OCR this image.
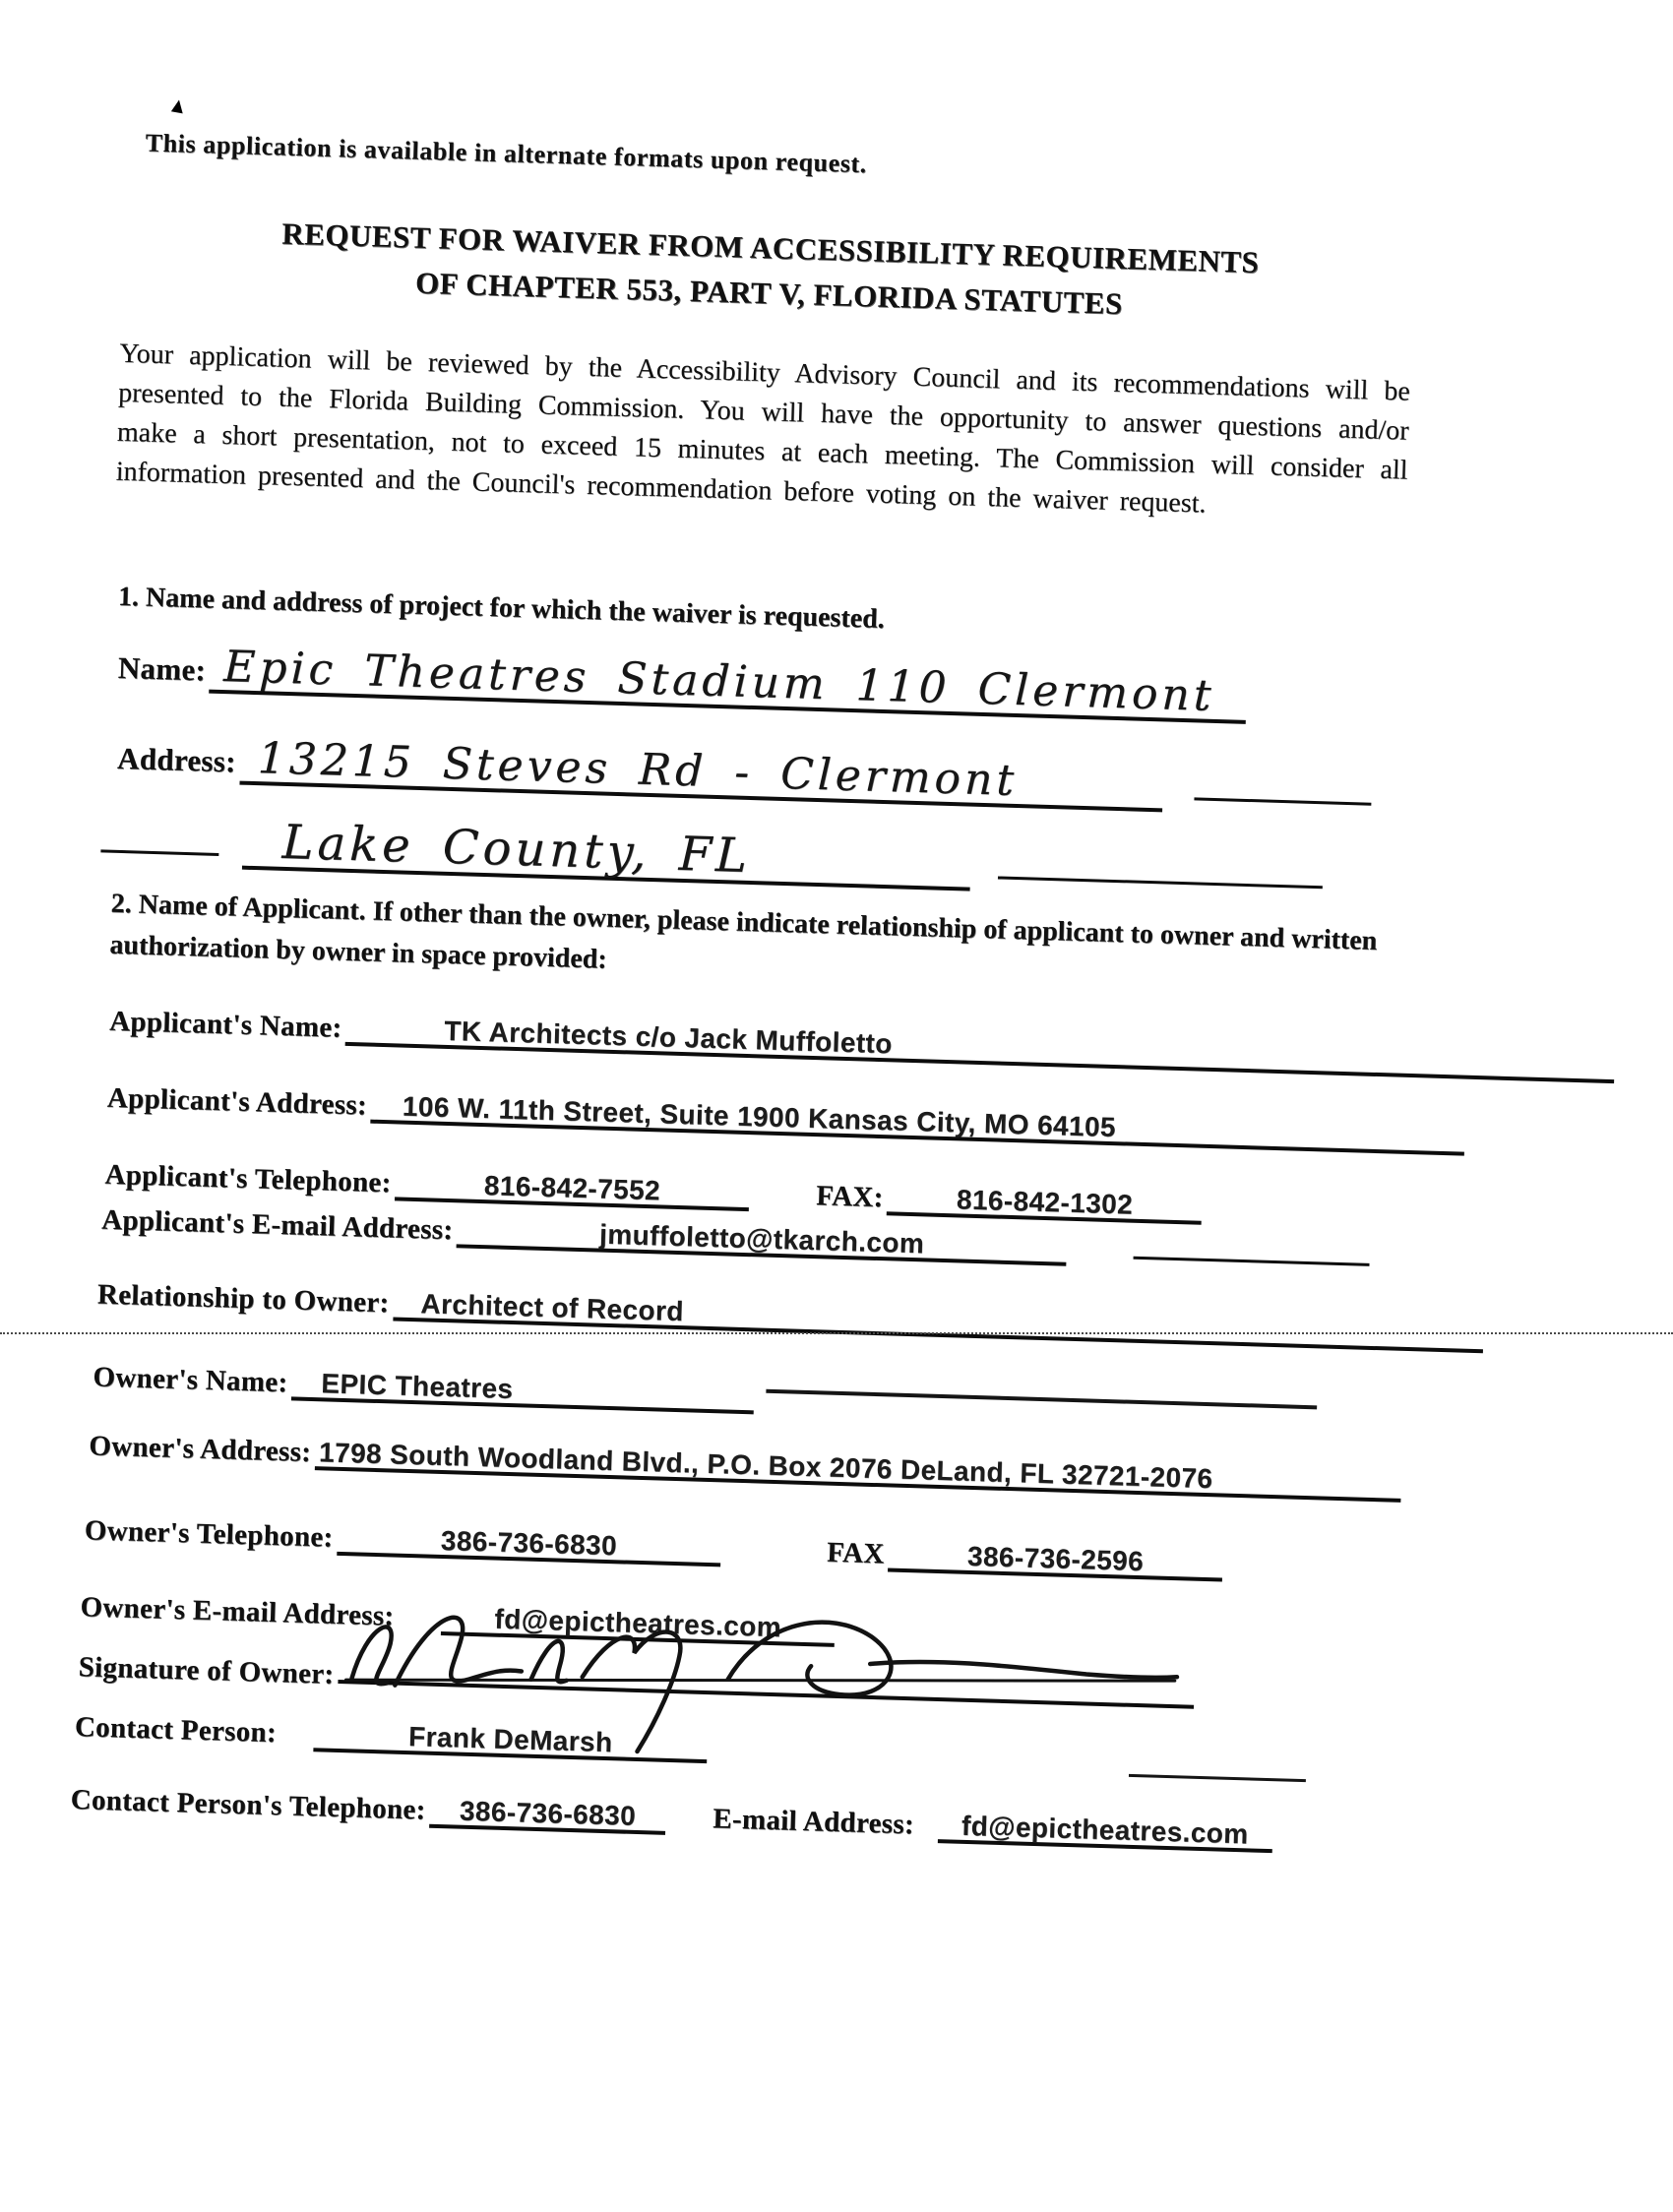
This application is available in alternate formats upon request.
REQUEST FOR WAIVER FROM ACCESSIBILITY REQUIREMENTS
OF CHAPTER 553, PART V, FLORIDA STATUTES
Your application will be reviewed by the Accessibility Advisory Council and its recommendations will be presented to the Florida Building Commission. You will have the opportunity to answer questions and/or make a short presentation, not to exceed 15 minutes at each meeting. The Commission will consider all information presented and the Council's recommendation before voting on the waiver request.
1. Name and address of project for which the waiver is requested.
Name: Epic Theatres Stadium 110 Clermont
Address: 13215 Steves Rd - Clermont
Lake County, FL
2. Name of Applicant. If other than the owner, please indicate relationship of applicant to owner and written authorization by owner in space provided:
Applicant's Name:	TK Architects c/o Jack Muffoletto
Applicant's Address: 106 W. 11th Street, Suite 1900 Kansas City, MO 64105
Applicant's Telephone:	816-842-7552	FAX:	816-842-1302
Applicant's E-mail Address:	jmuffoletto@tkarch.com
Relationship to Owner: Architect of Record
Owner's Name: EPIC Theatres
Owner's Address: 1798 South Woodland Blvd., P.O. Box 2076 DeLand, FL 32721-2076
Owner's Telephone:	386-736-6830	FAX	386-736-2596
Owner's E-mail Address:	fd@epictheatres.com
Signature of Owner:
Contact Person:	Frank DeMarsh
Contact Person's Telephone: 386-736-6830	E-mail Address: fd@epictheatres.com
